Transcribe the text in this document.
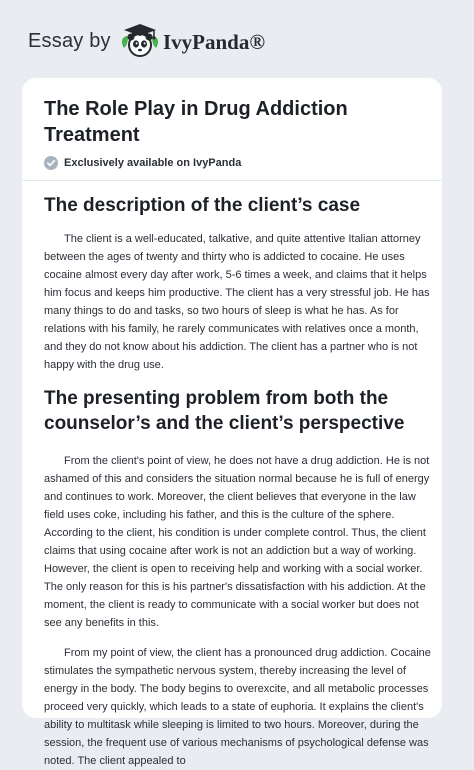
Essay by IvyPanda®
The Role Play in Drug Addiction Treatment
Exclusively available on IvyPanda
The description of the client’s case

The client is a well-educated, talkative, and quite attentive Italian attorney between the ages of twenty and thirty who is addicted to cocaine. He uses cocaine almost every day after work, 5-6 times a week, and claims that it helps him focus and keeps him productive. The client has a very stressful job. He has many things to do and tasks, so two hours of sleep is what he has. As for relations with his family, he rarely communicates with relatives once a month, and they do not know about his addiction. The client has a partner who is not happy with the drug use.

The presenting problem from both the counselor’s and the client’s perspective

From the client's point of view, he does not have a drug addiction. He is not ashamed of this and considers the situation normal because he is full of energy and continues to work. Moreover, the client believes that everyone in the law field uses coke, including his father, and this is the culture of the sphere. According to the client, his condition is under complete control. Thus, the client claims that using cocaine after work is not an addiction but a way of working. However, the client is open to receiving help and working with a social worker. The only reason for this is his partner's dissatisfaction with his addiction. At the moment, the client is ready to communicate with a social worker but does not see any benefits in this.

From my point of view, the client has a pronounced drug addiction. Cocaine stimulates the sympathetic nervous system, thereby increasing the level of energy in the body. The body begins to overexcite, and all metabolic processes proceed very quickly, which leads to a state of euphoria. It explains the client's ability to multitask while sleeping is limited to two hours. Moreover, during the session, the frequent use of various mechanisms of psychological defense was noted. The client appealed to
